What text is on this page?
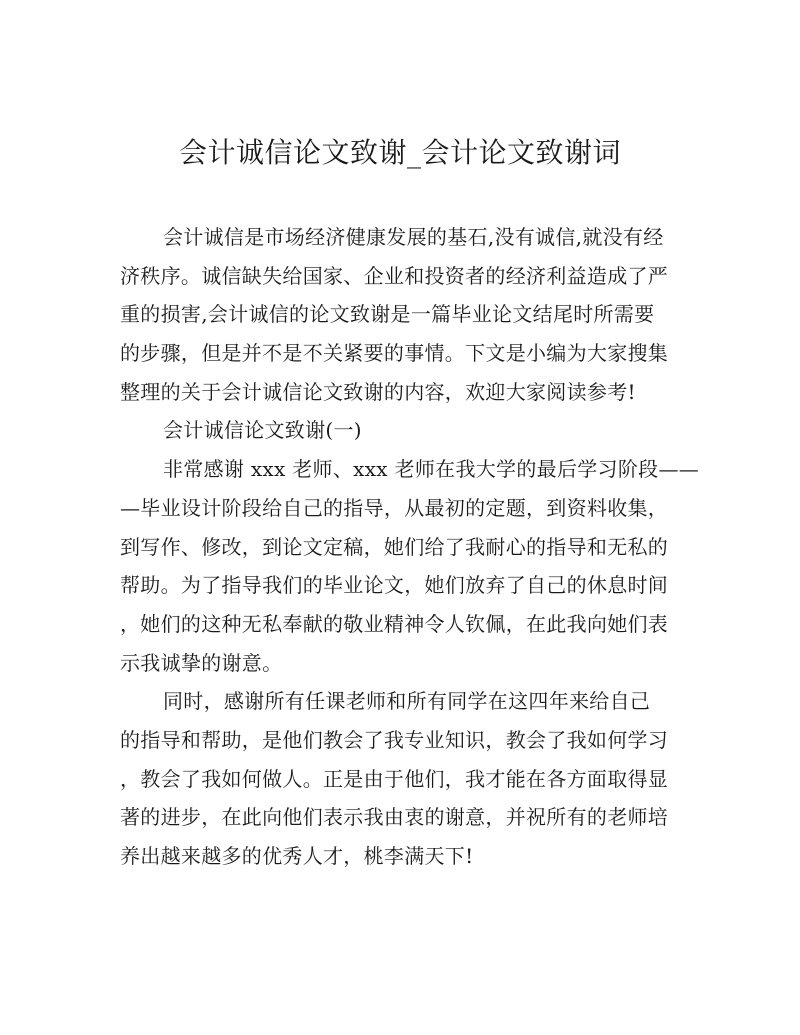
会计诚信论文致谢_会计论文致谢词
会计诚信是市场经济健康发展的基石,没有诚信,就没有经
济秩序。诚信缺失给国家、企业和投资者的经济利益造成了严
重的损害,会计诚信的论文致谢是一篇毕业论文结尾时所需要
的步骤，但是并不是不关紧要的事情。下文是小编为大家搜集
整理的关于会计诚信论文致谢的内容，欢迎大家阅读参考!
会计诚信论文致谢(一)
非常感谢 xxx 老师、xxx 老师在我大学的最后学习阶段——
—毕业设计阶段给自己的指导，从最初的定题，到资料收集，
到写作、修改，到论文定稿，她们给了我耐心的指导和无私的
帮助。为了指导我们的毕业论文，她们放弃了自己的休息时间
，她们的这种无私奉献的敬业精神令人钦佩，在此我向她们表
示我诚挚的谢意。
同时，感谢所有任课老师和所有同学在这四年来给自己
的指导和帮助，是他们教会了我专业知识，教会了我如何学习
，教会了我如何做人。正是由于他们，我才能在各方面取得显
著的进步，在此向他们表示我由衷的谢意，并祝所有的老师培
养出越来越多的优秀人才，桃李满天下!
